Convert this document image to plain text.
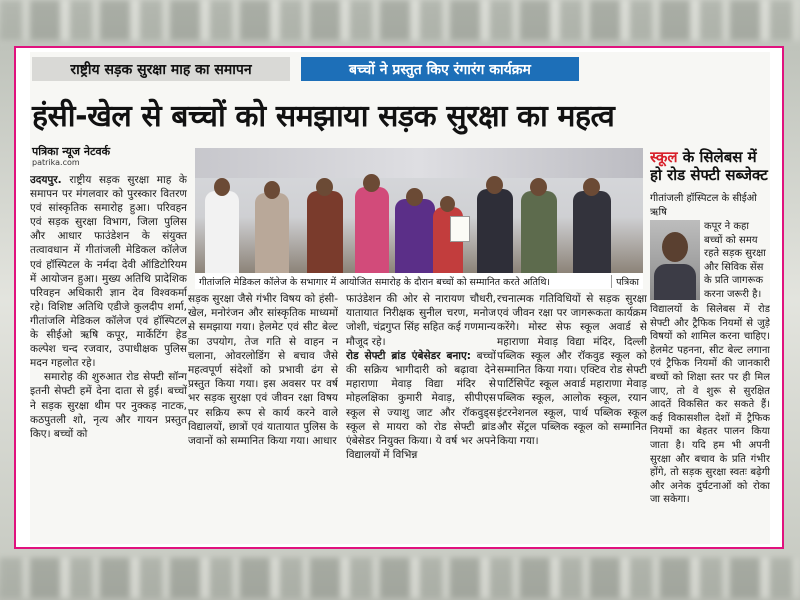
राष्ट्रीय सड़क सुरक्षा माह का समापन	बच्चों ने प्रस्तुत किए रंगारंग कार्यक्रम
हंसी-खेल से बच्चों को समझाया सड़क सुरक्षा का महत्व
पत्रिका न्यूज नेटवर्क
patrika.com

उदयपुर. राष्ट्रीय सड़क सुरक्षा माह के समापन पर मंगलवार को पुरस्कार वितरण एवं सांस्कृतिक समारोह हुआ। परिवहन एवं सड़क सुरक्षा विभाग, जिला पुलिस और आधार फाउंडेशन के संयुक्त तत्वावधान में गीतांजली मेडिकल कॉलेज एवं हॉस्पिटल के नर्मदा देवी ऑडिटोरियम में आयोजन हुआ। मुख्य अतिथि प्रादेशिक परिवहन अधिकारी ज्ञान देव विश्वकर्मा रहे। विशिष्ट अतिथि एडीजे कुलदीप शर्मा, गीतांजलि मेडिकल कॉलेज एवं हॉस्पिटल के सीईओ ऋषि कपूर, मार्केटिंग हेड कल्पेश चन्द रजवार, उपाधीक्षक पुलिस मदन गहलोत रहे।

समारोह की शुरुआत रोड सेफ्टी सॉन्ग इतनी सेफ्टी हमें देना दाता से हुई। बच्चों ने सड़क सुरक्षा थीम पर नुक्कड़ नाटक, कठपुतली शो, नृत्य और गायन प्रस्तुत किए। बच्चों को

गीतांजलि मेडिकल कॉलेज के सभागार में आयोजित समारोह के दौरान बच्चों को सम्मानित करते अतिथि।	पत्रिका

सड़क सुरक्षा जैसे गंभीर विषय को हंसी-खेल, मनोरंजन और सांस्कृतिक माध्यमों से समझाया गया। हेलमेट एवं सीट बेल्ट का उपयोग, तेज गति से वाहन न चलाना, ओवरलोडिंग से बचाव जैसे महत्वपूर्ण संदेशों को प्रभावी ढंग से प्रस्तुत किया गया। इस अवसर पर वर्ष भर सड़क सुरक्षा एवं जीवन रक्षा विषय पर सक्रिय रूप से कार्य करने वाले विद्यालयों, छात्रों एवं यातायात पुलिस के जवानों को सम्मानित किया गया। आधार

फाउंडेशन की ओर से नारायण चौधरी, यातायात निरीक्षक सुनील चरण, मनोज जोशी, चंद्रगुप्त सिंह सहित कई गणमान्य मौजूद रहे।

रोड सेफ्टी ब्रांड एंबेसेडर बनाए: बच्चों की सक्रिय भागीदारी को बढ़ावा देने महाराणा मेवाड़ विद्या मंदिर से मोहलक्षिका कुमारी मेवाड़, सीपीएस स्कूल से ज्याशु जाट और रॉकवुड्स स्कूल से मायरा को रोड सेफ्टी ब्रांड एंबेसेडर नियुक्त किया। ये वर्ष भर अपने विद्यालयों में विभिन्न

रचनात्मक गतिविधियों से सड़क सुरक्षा एवं जीवन रक्षा पर जागरूकता कार्यक्रम करेंगे। मोस्ट सेफ स्कूल अवार्ड से महाराणा मेवाड़ विद्या मंदिर, दिल्ली पब्लिक स्कूल और रॉकवुड स्कूल को सम्मानित किया गया। एक्टिव रोड सेफ्टी पार्टिसिपेंट स्कूल अवार्ड महाराणा मेवाड़ पब्लिक स्कूल, आलोक स्कूल, रयान इंटरनेशनल स्कूल, पार्थ पब्लिक स्कूल और सेंट्रल पब्लिक स्कूल को सम्मानित किया गया।

स्कूल के सिलेबस में हो रोड सेफ्टी सब्जेक्ट
गीतांजली हॉस्पिटल के सीईओ ऋषि
कपूर ने कहा बच्चों को समय रहते सड़क सुरक्षा और सिविक सेंस के प्रति जागरूक करना जरूरी है।
विद्यालयों के सिलेबस में रोड सेफ्टी और ट्रैफिक नियमों से जुड़े विषयों को शामिल करना चाहिए। हेलमेट पहनना, सीट बेल्ट लगाना एवं ट्रैफिक नियमों की जानकारी बच्चों को शिक्षा स्तर पर ही मिल जाए, तो वे शुरू से सुरक्षित आदतें विकसित कर सकते हैं। कई विकासशील देशों में ट्रैफिक नियमों का बेहतर पालन किया जाता है। यदि हम भी अपनी सुरक्षा और बचाव के प्रति गंभीर होंगे, तो सड़क सुरक्षा स्वतः बढ़ेगी और अनेक दुर्घटनाओं को रोका जा सकेगा।
